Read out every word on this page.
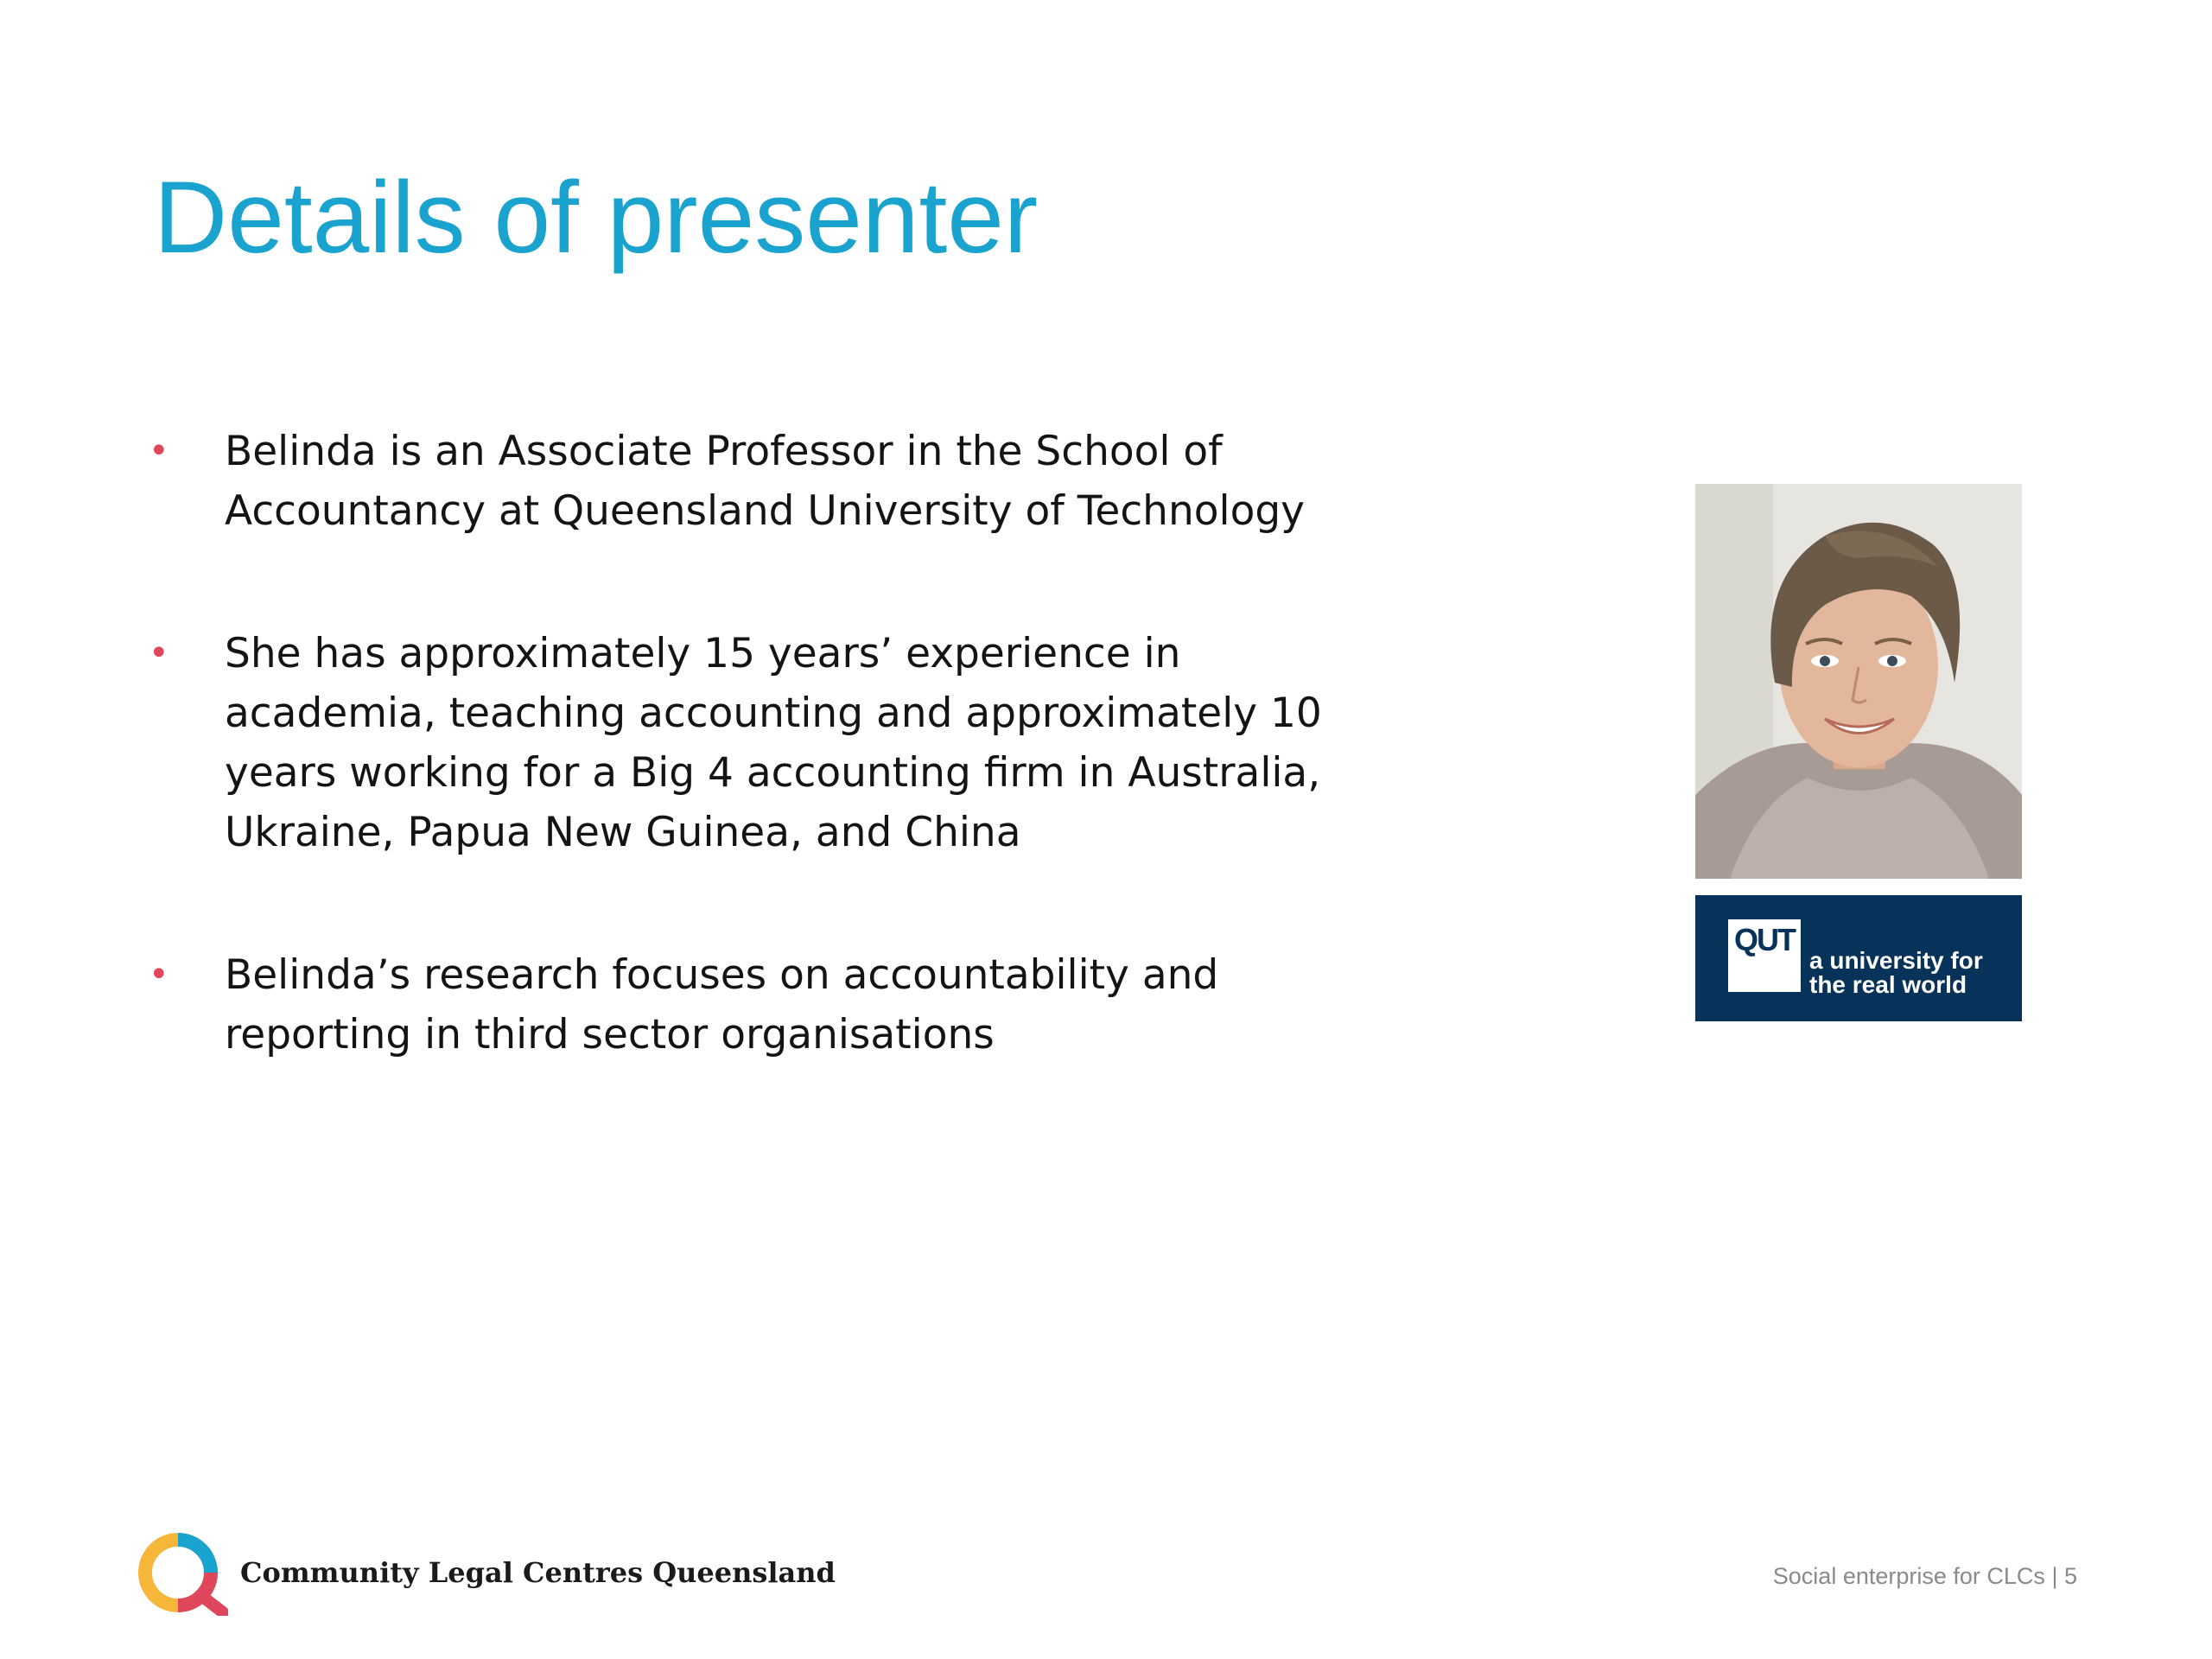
Details of presenter
•	Belinda is an Associate Professor in the School of Accountancy at Queensland University of Technology
•	She has approximately 15 years’ experience in academia, teaching accounting and approximately 10 years working for a Big 4 accounting firm in Australia, Ukraine, Papua New Guinea, and China
•	Belinda’s research focuses on accountability and reporting in third sector organisations
QUT
a university for
the real world
Community Legal Centres Queensland	Social enterprise for CLCs | 5
